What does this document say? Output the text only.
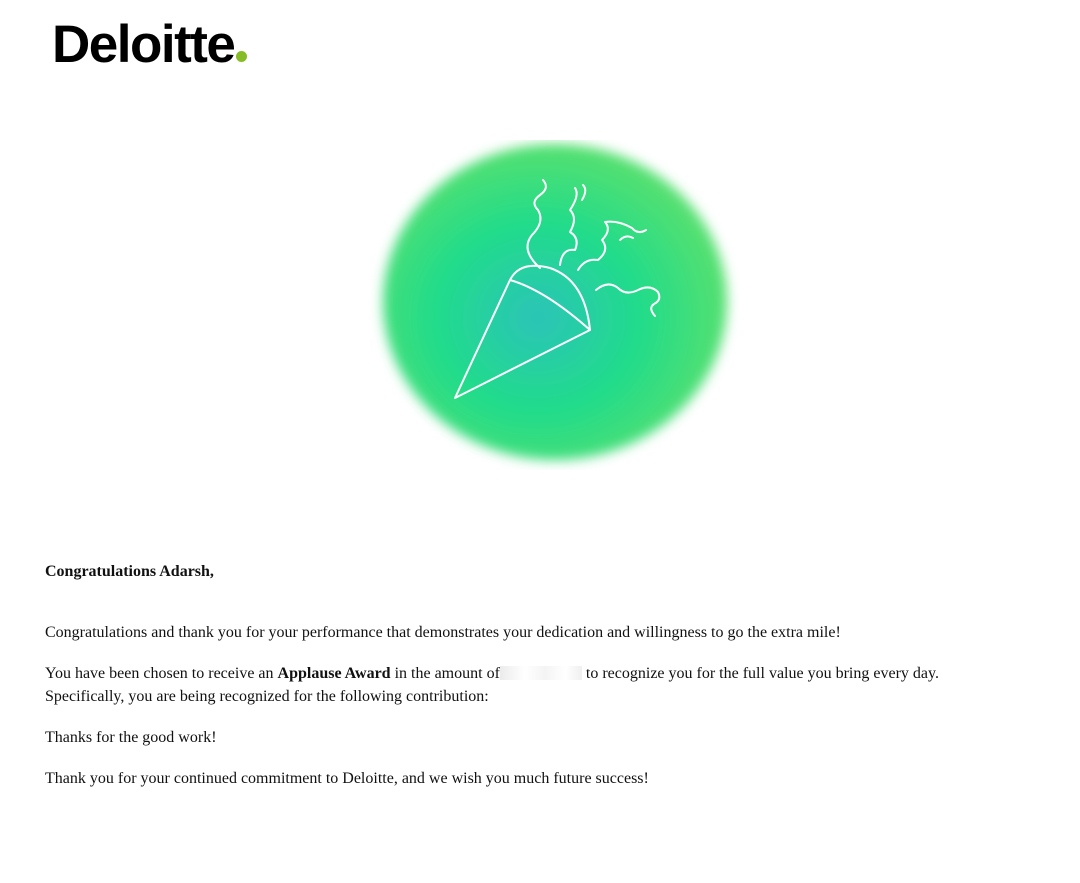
Deloitte

Congratulations Adarsh,

Congratulations and thank you for your performance that demonstrates your dedication and willingness to go the extra mile!

You have been chosen to receive an Applause Award in the amount of	to recognize you for the full value you bring every day.
Specifically, you are being recognized for the following contribution:

Thanks for the good work!

Thank you for your continued commitment to Deloitte, and we wish you much future success!
